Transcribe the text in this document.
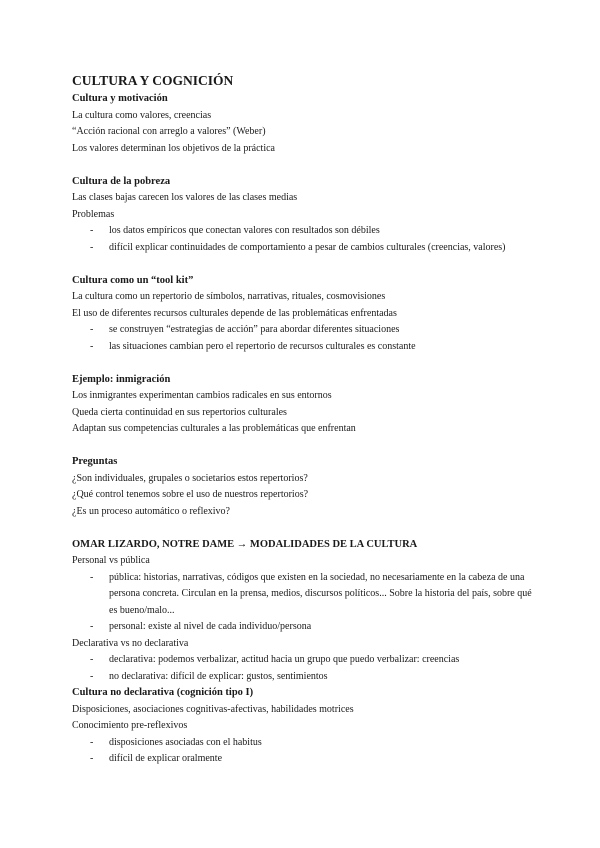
CULTURA Y COGNICIÓN
Cultura y motivación
La cultura como valores, creencias
“Acción racional con arreglo a valores” (Weber)
Los valores determinan los objetivos de la práctica
Cultura de la pobreza
Las clases bajas carecen los valores de las clases medias
Problemas
- los datos empíricos que conectan valores con resultados son débiles
- difícil explicar continuidades de comportamiento a pesar de cambios culturales (creencias, valores)
Cultura como un “tool kit”
La cultura como un repertorio de símbolos, narrativas, rituales, cosmovisiones
El uso de diferentes recursos culturales depende de las problemáticas enfrentadas
- se construyen “estrategias de acción” para abordar diferentes situaciones
- las situaciones cambian pero el repertorio de recursos culturales es constante
Ejemplo: inmigración
Los inmigrantes experimentan cambios radicales en sus entornos
Queda cierta continuidad en sus repertorios culturales
Adaptan sus competencias culturales a las problemáticas que enfrentan
Preguntas
¿Son individuales, grupales o societarios estos repertorios?
¿Qué control tenemos sobre el uso de nuestros repertorios?
¿Es un proceso automático o reflexivo?
OMAR LIZARDO, NOTRE DAME → MODALIDADES DE LA CULTURA
Personal vs pública
- pública: historias, narrativas, códigos que existen en la sociedad, no necesariamente en la cabeza de una persona concreta. Circulan en la prensa, medios, discursos políticos... Sobre la historia del país, sobre qué es bueno/malo...
- personal: existe al nivel de cada individuo/persona
Declarativa vs no declarativa
- declarativa: podemos verbalizar, actitud hacia un grupo que puedo verbalizar: creencias
- no declarativa: difícil de explicar: gustos, sentimientos
Cultura no declarativa (cognición tipo I)
Disposiciones, asociaciones cognitivas-afectivas, habilidades motrices
Conocimiento pre-reflexivos
- disposiciones asociadas con el habitus
- difícil de explicar oralmente
